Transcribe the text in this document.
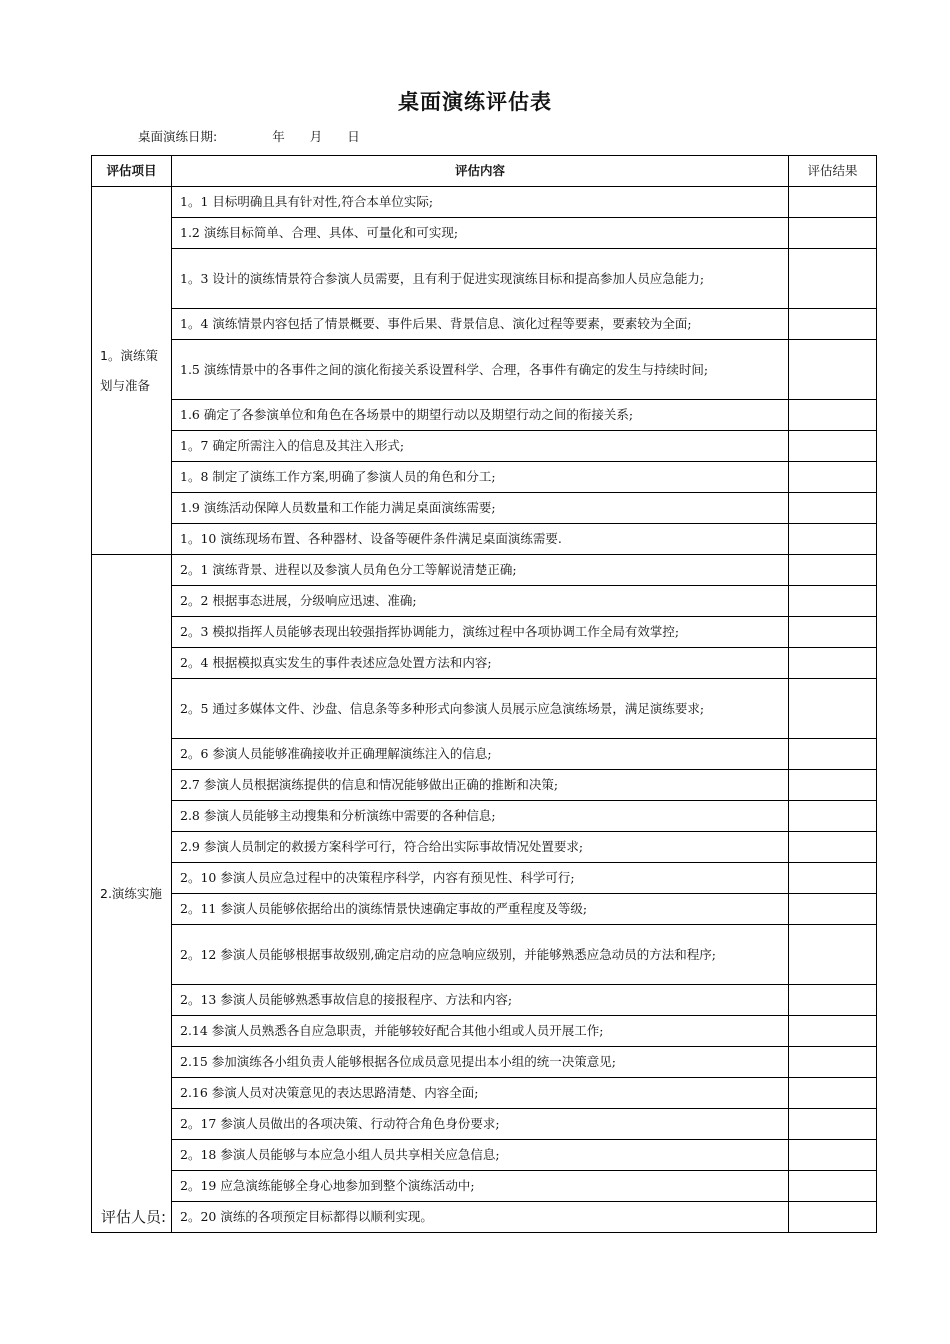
桌面演练评估表
桌面演练日期:	年 月 日
评估项目	评估内容	评估结果
1。演练策划与准备	1。1 目标明确且具有针对性,符合本单位实际;	
	1.2 演练目标简单、合理、具体、可量化和可实现;	
	1。3 设计的演练情景符合参演人员需要，且有利于促进实现演练目标和提高参加人员应急能力;	
	1。4 演练情景内容包括了情景概要、事件后果、背景信息、演化过程等要素，要素较为全面;	
	1.5 演练情景中的各事件之间的演化衔接关系设置科学、合理，各事件有确定的发生与持续时间;	
	1.6 确定了各参演单位和角色在各场景中的期望行动以及期望行动之间的衔接关系;	
	1。7 确定所需注入的信息及其注入形式;	
	1。8 制定了演练工作方案,明确了参演人员的角色和分工;	
	1.9 演练活动保障人员数量和工作能力满足桌面演练需要;	
	1。10 演练现场布置、各种器材、设备等硬件条件满足桌面演练需要.	
2.演练实施	2。1 演练背景、进程以及参演人员角色分工等解说清楚正确;	
	2。2 根据事态进展，分级响应迅速、准确;	
	2。3 模拟指挥人员能够表现出较强指挥协调能力，演练过程中各项协调工作全局有效掌控;	
	2。4 根据模拟真实发生的事件表述应急处置方法和内容;	
	2。5 通过多媒体文件、沙盘、信息条等多种形式向参演人员展示应急演练场景，满足演练要求;	
	2。6 参演人员能够准确接收并正确理解演练注入的信息;	
	2.7 参演人员根据演练提供的信息和情况能够做出正确的推断和决策;	
	2.8 参演人员能够主动搜集和分析演练中需要的各种信息;	
	2.9 参演人员制定的救援方案科学可行，符合给出实际事故情况处置要求;	
	2。10 参演人员应急过程中的决策程序科学，内容有预见性、科学可行;	
	2。11 参演人员能够依据给出的演练情景快速确定事故的严重程度及等级;	
	2。12 参演人员能够根据事故级别,确定启动的应急响应级别，并能够熟悉应急动员的方法和程序;	
	2。13 参演人员能够熟悉事故信息的接报程序、方法和内容;	
	2.14 参演人员熟悉各自应急职责，并能够较好配合其他小组或人员开展工作;	
	2.15 参加演练各小组负责人能够根据各位成员意见提出本小组的统一决策意见;	
	2.16 参演人员对决策意见的表达思路清楚、内容全面;	
	2。17 参演人员做出的各项决策、行动符合角色身份要求;	
	2。18 参演人员能够与本应急小组人员共享相关应急信息;	
	2。19 应急演练能够全身心地参加到整个演练活动中;	
	2。20 演练的各项预定目标都得以顺利实现。	
评估人员:
